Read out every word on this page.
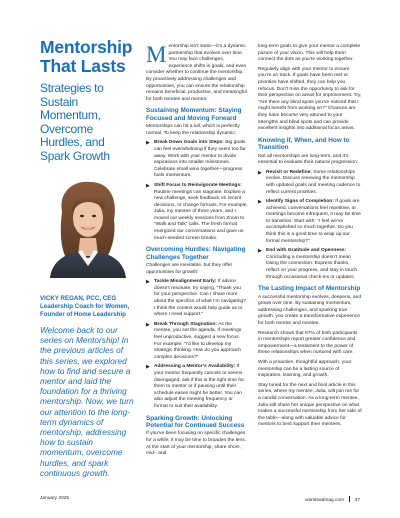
Mentorship That Lasts
Strategies to Sustain Momentum, Overcome Hurdles, and Spark Growth
VICKY REGAN, PCC, CEG
Leadership Coach for Women, Founder of Home Leadership
Welcome back to our series on Mentorship! In the previous articles of this series, we explored how to find and secure a mentor and laid the foundation for a thriving mentorship. Now, we turn our attention to the long-term dynamics of mentorship, addressing how to sustain momentum, overcome hurdles, and spark continuous growth.

Mentorship isn’t static—it’s a dynamic partnership that evolves over time. You may face challenges, experience shifts in goals, and even consider whether to continue the mentorship. By proactively addressing challenges and opportunities, you can ensure the relationship remains beneficial, productive, and meaningful for both mentee and mentor.

Sustaining Momentum: Staying Focused and Moving Forward

Mentorships can hit a lull, which is perfectly normal. To keep the relationship dynamic:

▶ Break Down Goals into Steps: Big goals can feel overwhelming if they seem too far away. Work with your mentor to divide aspirations into smaller milestones. Celebrate small wins together—progress fuels momentum.
▶ Shift Focus to Reinvigorate Meetings: Routine meetings can stagnate. Explore a new challenge, seek feedback on recent decisions, or change formats. For example, Julia, my mentee of three years, and I moved our weekly sessions from Zoom to “Walk and Talk” calls. The fresh format energized our conversations and gave us much-needed screen breaks.
Overcoming Hurdles: Navigating Challenges Together

Challenges are inevitable, but they offer opportunities for growth:

▶ Tackle Misalignment Early: If advice doesn’t resonate, try saying, “Thank you for your perspective. Can I share more about the specifics of what I’m navigating? I think the context would help guide us to where I need support.”
▶ Break Through Stagnation: As the mentee, you set the agenda. If meetings feel unproductive, suggest a new focus. For example: “I’d like to develop my strategic thinking. How do you approach complex decisions?”
▶ Addressing a Mentor’s Availability: If your mentor frequently cancels or seems disengaged, ask if this is the right time for them to mentor or if pausing until their schedule eases might be better. You can also adjust the meeting frequency or format to suit their availability.
Sparking Growth: Unlocking Potential for Continued Success

If you’ve been focusing on specific challenges for a while, it may be time to broaden the lens. At the start of your mentorship, share short-, mid-, and

long-term goals to give your mentor a complete picture of your vision. This will help them connect the dots as you’re working together.

Regularly align with your mentor to ensure you’re on track. If goals have been met or priorities have shifted, they can help you refocus. Don’t miss the opportunity to ask for their perspective on areas for improvement. Try, “Are there any blind spots you’ve noticed that I might benefit from working on?” Chances are they have become very attuned to your strengths and blind spots and can provide excellent insights into additional focus areas.

Knowing If, When, and How to Transition

Not all mentorships are long-term, and it’s essential to evaluate their natural progression:

▶ Revisit or Redefine: Some relationships evolve. Discuss renewing the mentorship with updated goals and meeting cadence to reflect current priorities.
▶ Identify Signs of Completion: If goals are achieved, conversations feel repetitive, or meetings become infrequent, it may be time to transition. Start with: “I feel we’ve accomplished so much together. Do you think this is a good time to wrap up our formal mentorship?”
▶ End with Gratitude and Openness: Concluding a mentorship doesn’t mean losing the connection. Express thanks, reflect on your progress, and stay in touch through occasional check-ins or updates.
The Lasting Impact of Mentorship

A successful mentorship evolves, deepens, and grows over time. By sustaining momentum, addressing challenges, and sparking true growth, you create a transformative experience for both mentor and mentee.

Research shows that 87% of both participants in mentorships report greater confidence and empowerment—a testament to the power of these relationships when nurtured with care.

With a proactive, thoughtful approach, your mentorship can be a lasting source of inspiration, learning, and growth.

Stay tuned for the next and final article in this series, where my mentee, Julia, will join me for a candid conversation. As a long-term mentee, Julia will share her unique perspective on what makes a successful mentorship from her side of the table—along with valuable advice for mentors to best support their mentees.

January 2025	womleadmag.com 37
